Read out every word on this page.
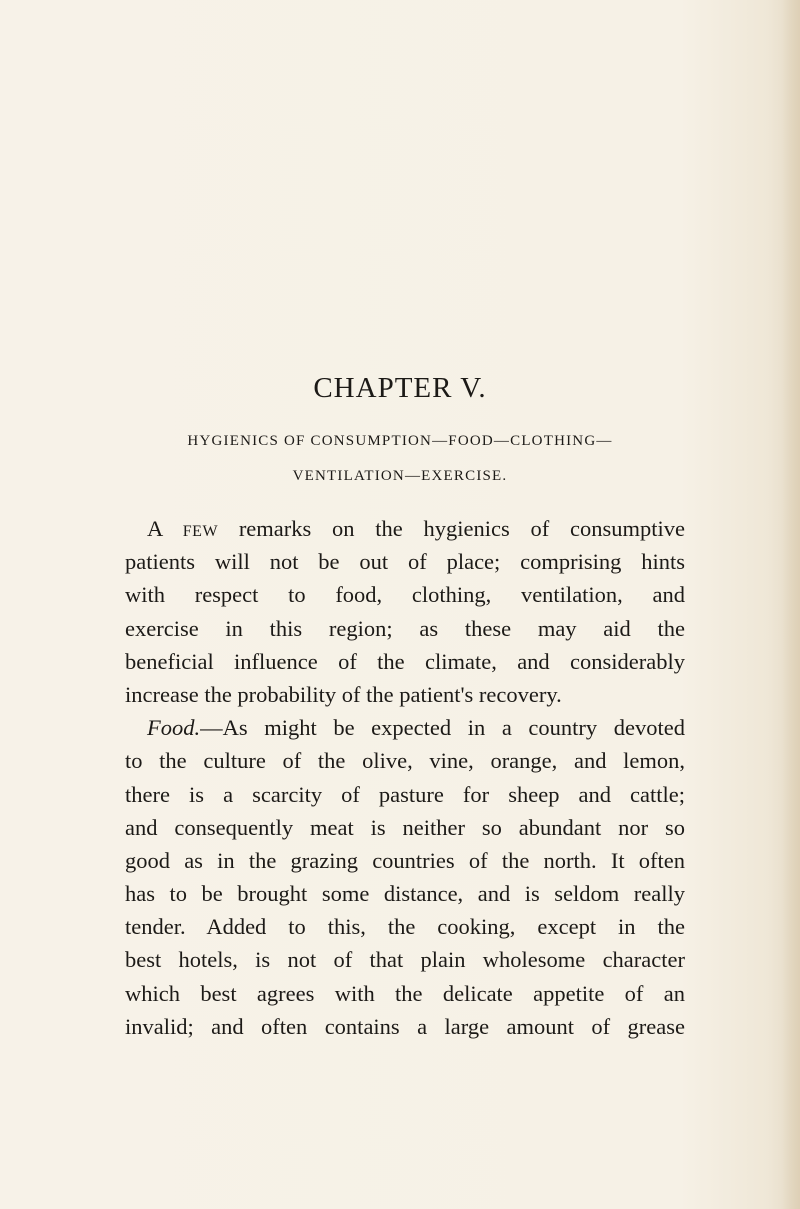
CHAPTER V.
HYGIENICS OF CONSUMPTION—FOOD—CLOTHING—
VENTILATION—EXERCISE.
A few remarks on the hygienics of consumptive
patients will not be out of place; comprising hints
with respect to food, clothing, ventilation, and
exercise in this region; as these may aid the
beneficial influence of the climate, and considerably
increase the probability of the patient's recovery.
Food.—As might be expected in a country devoted
to the culture of the olive, vine, orange, and lemon,
there is a scarcity of pasture for sheep and cattle;
and consequently meat is neither so abundant nor so
good as in the grazing countries of the north. It often
has to be brought some distance, and is seldom really
tender. Added to this, the cooking, except in the
best hotels, is not of that plain wholesome character
which best agrees with the delicate appetite of an
invalid; and often contains a large amount of grease
